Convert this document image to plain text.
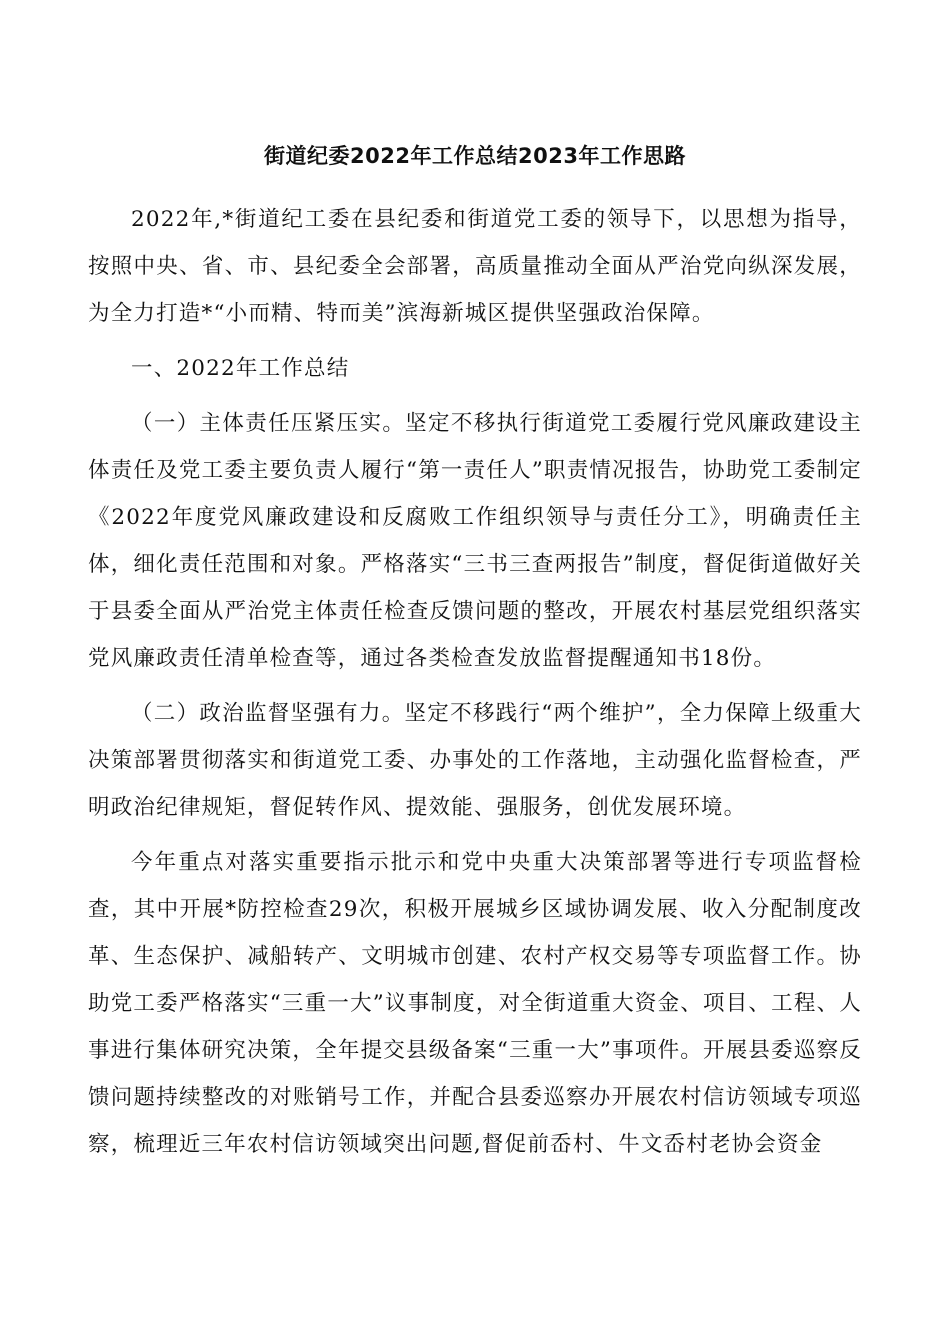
街道纪委2022年工作总结2023年工作思路

2022年,*街道纪工委在县纪委和街道党工委的领导下，以思想为指导，按照中央、省、市、县纪委全会部署，高质量推动全面从严治党向纵深发展，为全力打造*“小而精、特而美”滨海新城区提供坚强政治保障。

一、2022年工作总结

（一）主体责任压紧压实。坚定不移执行街道党工委履行党风廉政建设主体责任及党工委主要负责人履行“第一责任人”职责情况报告，协助党工委制定《2022年度党风廉政建设和反腐败工作组织领导与责任分工》，明确责任主体，细化责任范围和对象。严格落实“三书三查两报告”制度，督促街道做好关于县委全面从严治党主体责任检查反馈问题的整改，开展农村基层党组织落实党风廉政责任清单检查等，通过各类检查发放监督提醒通知书18份。

（二）政治监督坚强有力。坚定不移践行“两个维护”，全力保障上级重大决策部署贯彻落实和街道党工委、办事处的工作落地，主动强化监督检查，严明政治纪律规矩，督促转作风、提效能、强服务，创优发展环境。

今年重点对落实重要指示批示和党中央重大决策部署等进行专项监督检查，其中开展*防控检查29次，积极开展城乡区域协调发展、收入分配制度改革、生态保护、减船转产、文明城市创建、农村产权交易等专项监督工作。协助党工委严格落实“三重一大”议事制度，对全街道重大资金、项目、工程、人事进行集体研究决策，全年提交县级备案“三重一大”事项件。开展县委巡察反馈问题持续整改的对账销号工作，并配合县委巡察办开展农村信访领域专项巡察，梳理近三年农村信访领域突出问题,督促前岙村、牛文岙村老协会资金
